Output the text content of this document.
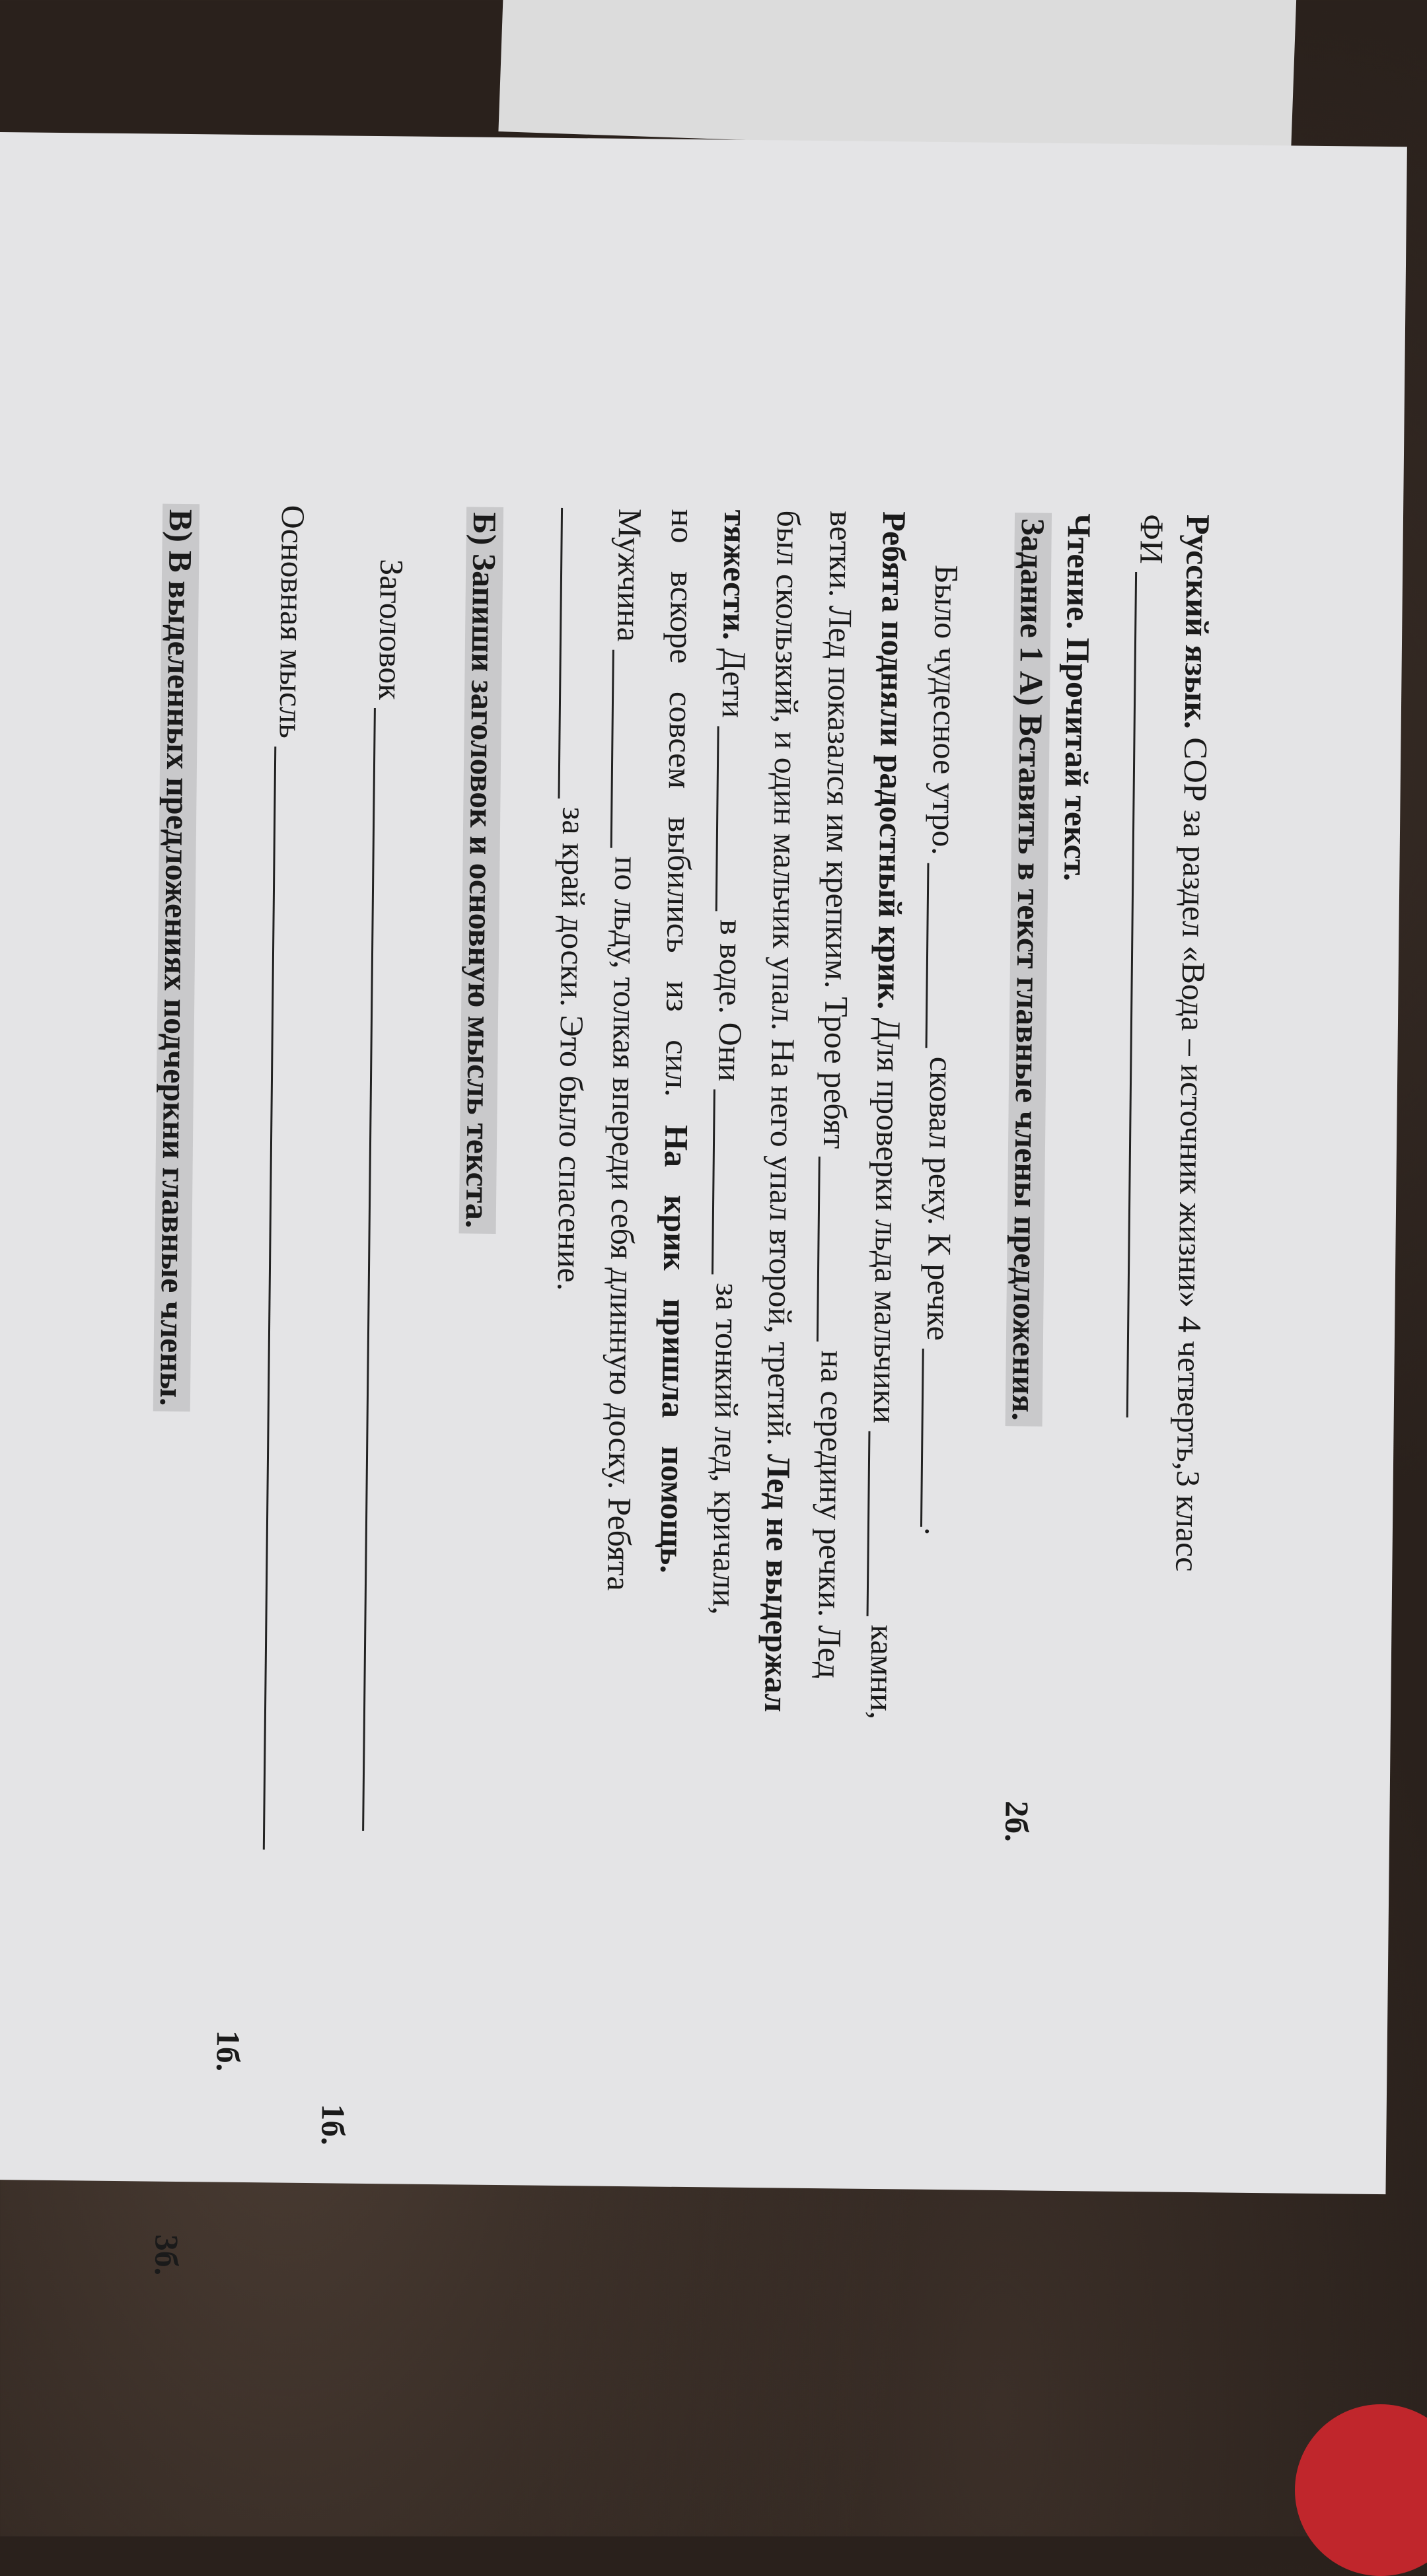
Русский язык. СОР за раздел «Вода – источник жизни» 4 четверть,3 класс
ФИ
Чтение. Прочитай текст.
Задание 1 А) Вставить в текст главные члены предложения.
2б.
Было чудесное утро.  сковал реку. К речке .
Ребята подняли радостный крик. Для проверки льда мальчики  камни,
ветки. Лед показался им крепким. Трое ребят  на середину речки. Лед
был скользкий, и один мальчик упал. На него упал второй, третий. Лед не выдержал
тяжести. Дети  в воде. Они  за тонкий лед, кричали,
но вскоре совсем выбились из сил. На крик пришла помощь.
Мужчина  по льду, толкая впереди себя длинную доску. Ребята
за край доски. Это было спасение.
Б) Запиши заголовок и основную мысль текста.
Заголовок
1б.
Основная мысль
1б.
В) В выделенных предложениях подчеркни главные члены.
3б.
